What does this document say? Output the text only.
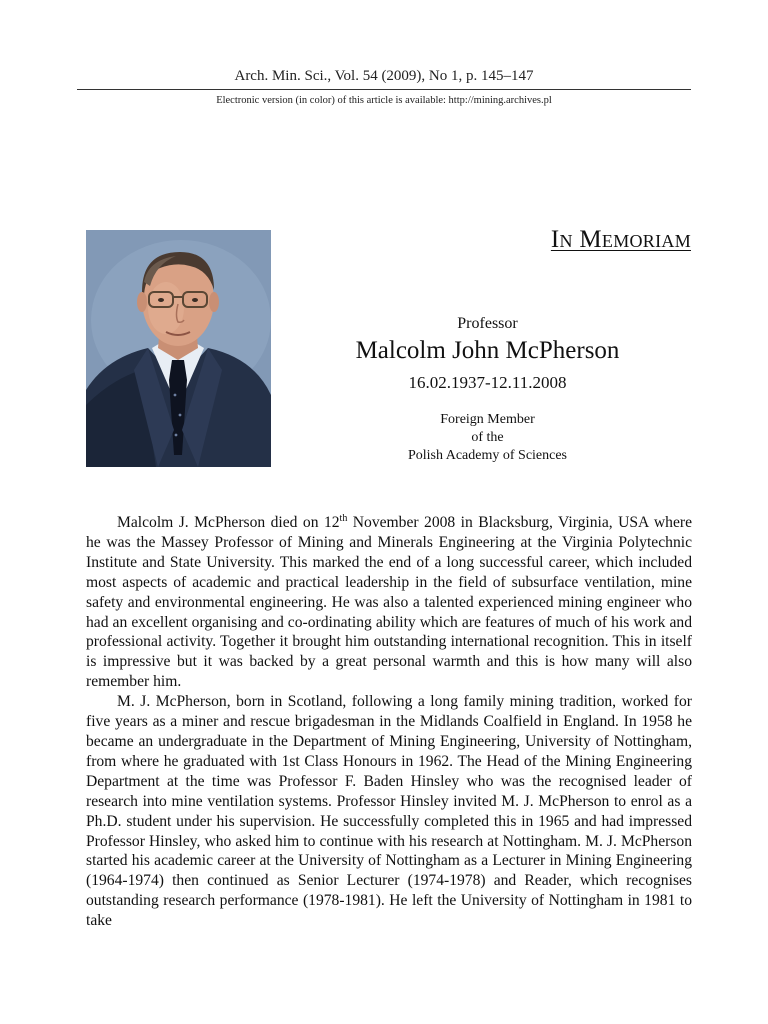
Arch. Min. Sci., Vol. 54 (2009), No 1, p. 145–147
Electronic version (in color) of this article is available: http://mining.archives.pl
In Memoriam

Professor

Malcolm John McPherson

16.02.1937-12.11.2008

Foreign Member
of the
Polish Academy of Sciences

Malcolm J. McPherson died on 12th November 2008 in Blacksburg, Virginia, USA where he was the Massey Professor of Mining and Minerals Engineering at the Virginia Polytechnic Institute and State University. This marked the end of a long successful career, which included most aspects of academic and practical leadership in the field of subsurface ventilation, mine safety and environmental engineering. He was also a talented experienced mining engineer who had an excellent organising and co-ordinating ability which are features of much of his work and professional activity. Together it brought him outstanding international recognition. This in itself is impressive but it was backed by a great personal warmth and this is how many will also remember him.

M. J. McPherson, born in Scotland, following a long family mining tradition, worked for five years as a miner and rescue brigadesman in the Midlands Coalfield in England. In 1958 he became an undergraduate in the Department of Mining Engineering, University of Nottingham, from where he graduated with 1st Class Honours in 1962. The Head of the Mining Engineering Department at the time was Professor F. Baden Hinsley who was the recognised leader of research into mine ventilation systems. Professor Hinsley invited M. J. McPherson to enrol as a Ph.D. student under his supervision. He successfully completed this in 1965 and had impressed Professor Hinsley, who asked him to continue with his research at Nottingham. M. J. McPherson started his academic career at the University of Nottingham as a Lecturer in Mining Engineering (1964-1974) then continued as Senior Lecturer (1974-1978) and Reader, which recognises outstanding research performance (1978-1981). He left the University of Nottingham in 1981 to take
